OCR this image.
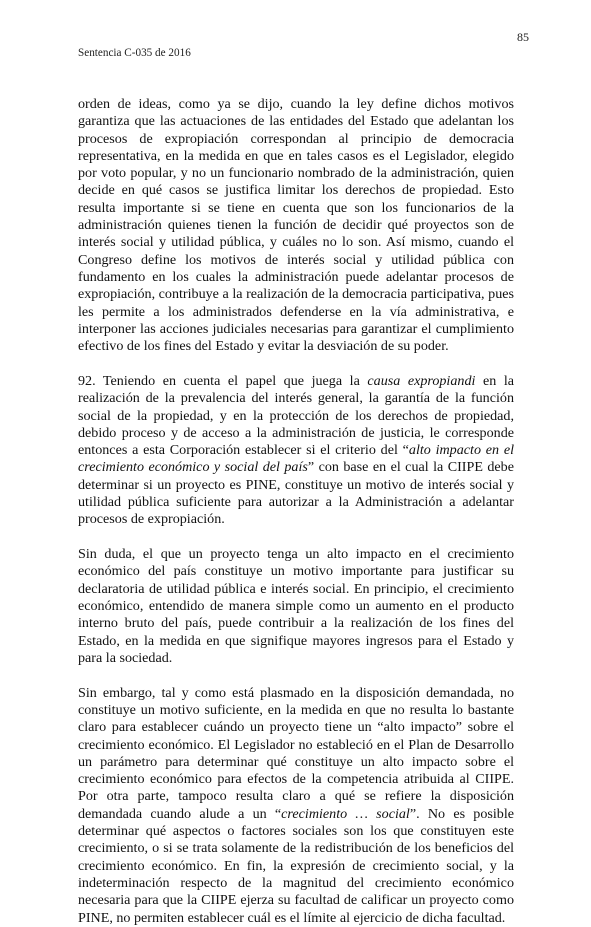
85
Sentencia C-035 de 2016

orden de ideas, como ya se dijo, cuando la ley define dichos motivos garantiza que las actuaciones de las entidades del Estado que adelantan los procesos de expropiación correspondan al principio de democracia representativa, en la medida en que en tales casos es el Legislador, elegido por voto popular, y no un funcionario nombrado de la administración, quien decide en qué casos se justifica limitar los derechos de propiedad. Esto resulta importante si se tiene en cuenta que son los funcionarios de la administración quienes tienen la función de decidir qué proyectos son de interés social y utilidad pública, y cuáles no lo son. Así mismo, cuando el Congreso define los motivos de interés social y utilidad pública con fundamento en los cuales la administración puede adelantar procesos de expropiación, contribuye a la realización de la democracia participativa, pues les permite a los administrados defenderse en la vía administrativa, e interponer las acciones judiciales necesarias para garantizar el cumplimiento efectivo de los fines del Estado y evitar la desviación de su poder.

92. Teniendo en cuenta el papel que juega la causa expropiandi en la realización de la prevalencia del interés general, la garantía de la función social de la propiedad, y en la protección de los derechos de propiedad, debido proceso y de acceso a la administración de justicia, le corresponde entonces a esta Corporación establecer si el criterio del “alto impacto en el crecimiento económico y social del país” con base en el cual la CIIPE debe determinar si un proyecto es PINE, constituye un motivo de interés social y utilidad pública suficiente para autorizar a la Administración a adelantar procesos de expropiación.

Sin duda, el que un proyecto tenga un alto impacto en el crecimiento económico del país constituye un motivo importante para justificar su declaratoria de utilidad pública e interés social. En principio, el crecimiento económico, entendido de manera simple como un aumento en el producto interno bruto del país, puede contribuir a la realización de los fines del Estado, en la medida en que signifique mayores ingresos para el Estado y para la sociedad.

Sin embargo, tal y como está plasmado en la disposición demandada, no constituye un motivo suficiente, en la medida en que no resulta lo bastante claro para establecer cuándo un proyecto tiene un “alto impacto” sobre el crecimiento económico. El Legislador no estableció en el Plan de Desarrollo un parámetro para determinar qué constituye un alto impacto sobre el crecimiento económico para efectos de la competencia atribuida al CIIPE. Por otra parte, tampoco resulta claro a qué se refiere la disposición demandada cuando alude a un “crecimiento … social”. No es posible determinar qué aspectos o factores sociales son los que constituyen este crecimiento, o si se trata solamente de la redistribución de los beneficios del crecimiento económico. En fin, la expresión de crecimiento social, y la indeterminación respecto de la magnitud del crecimiento económico necesaria para que la CIIPE ejerza su facultad de calificar un proyecto como PINE, no permiten establecer cuál es el límite al ejercicio de dicha facultad.
